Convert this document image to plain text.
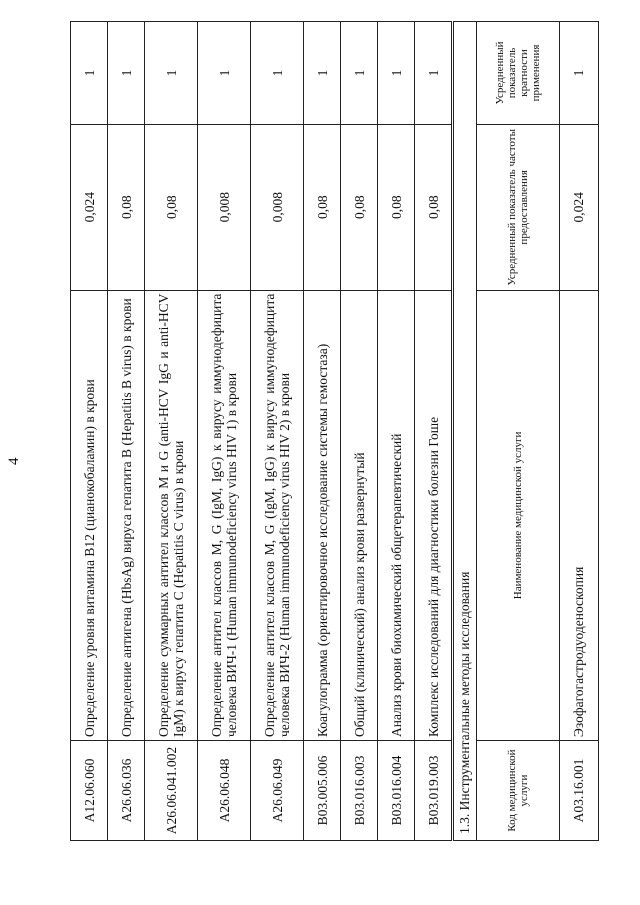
4
A12.06.060	Определение уровня витамина В12 (цианокобаламин) в крови	0,024	1
A26.06.036	Определение антигена (HbsAg) вируса гепатита В (Hepatitis B virus) в крови	0,08	1
A26.06.041.002	Определение суммарных антител классов М и G (anti-HCV IgG и anti-HCV IgM) к вирусу гепатита С (Hepatitis C virus) в крови	0,08	1
A26.06.048	Определение антител классов M, G (IgM, IgG) к вирусу иммунодефицита человека ВИЧ-1 (Human immunodeficiency virus HIV 1) в крови	0,008	1
A26.06.049	Определение антител классов M, G (IgM, IgG) к вирусу иммунодефицита человека ВИЧ-2 (Human immunodeficiency virus HIV 2) в крови	0,008	1
B03.005.006	Коагулограмма (ориентировочное исследование системы гемостаза)	0,08	1
B03.016.003	Общий (клинический) анализ крови развернутый	0,08	1
B03.016.004	Анализ крови биохимический общетерапевтический	0,08	1
B03.019.003	Комплекс исследований для диагностики болезни Гоше	0,08	1
1.3. Инструментальные методы исследования			
Код медицинской услуги	Наименование медицинской услуги	Усредненный показатель частоты предоставления	Усредненный показатель кратности применения
A03.16.001	Эзофагогастродуоденоскопия	0,024	1
